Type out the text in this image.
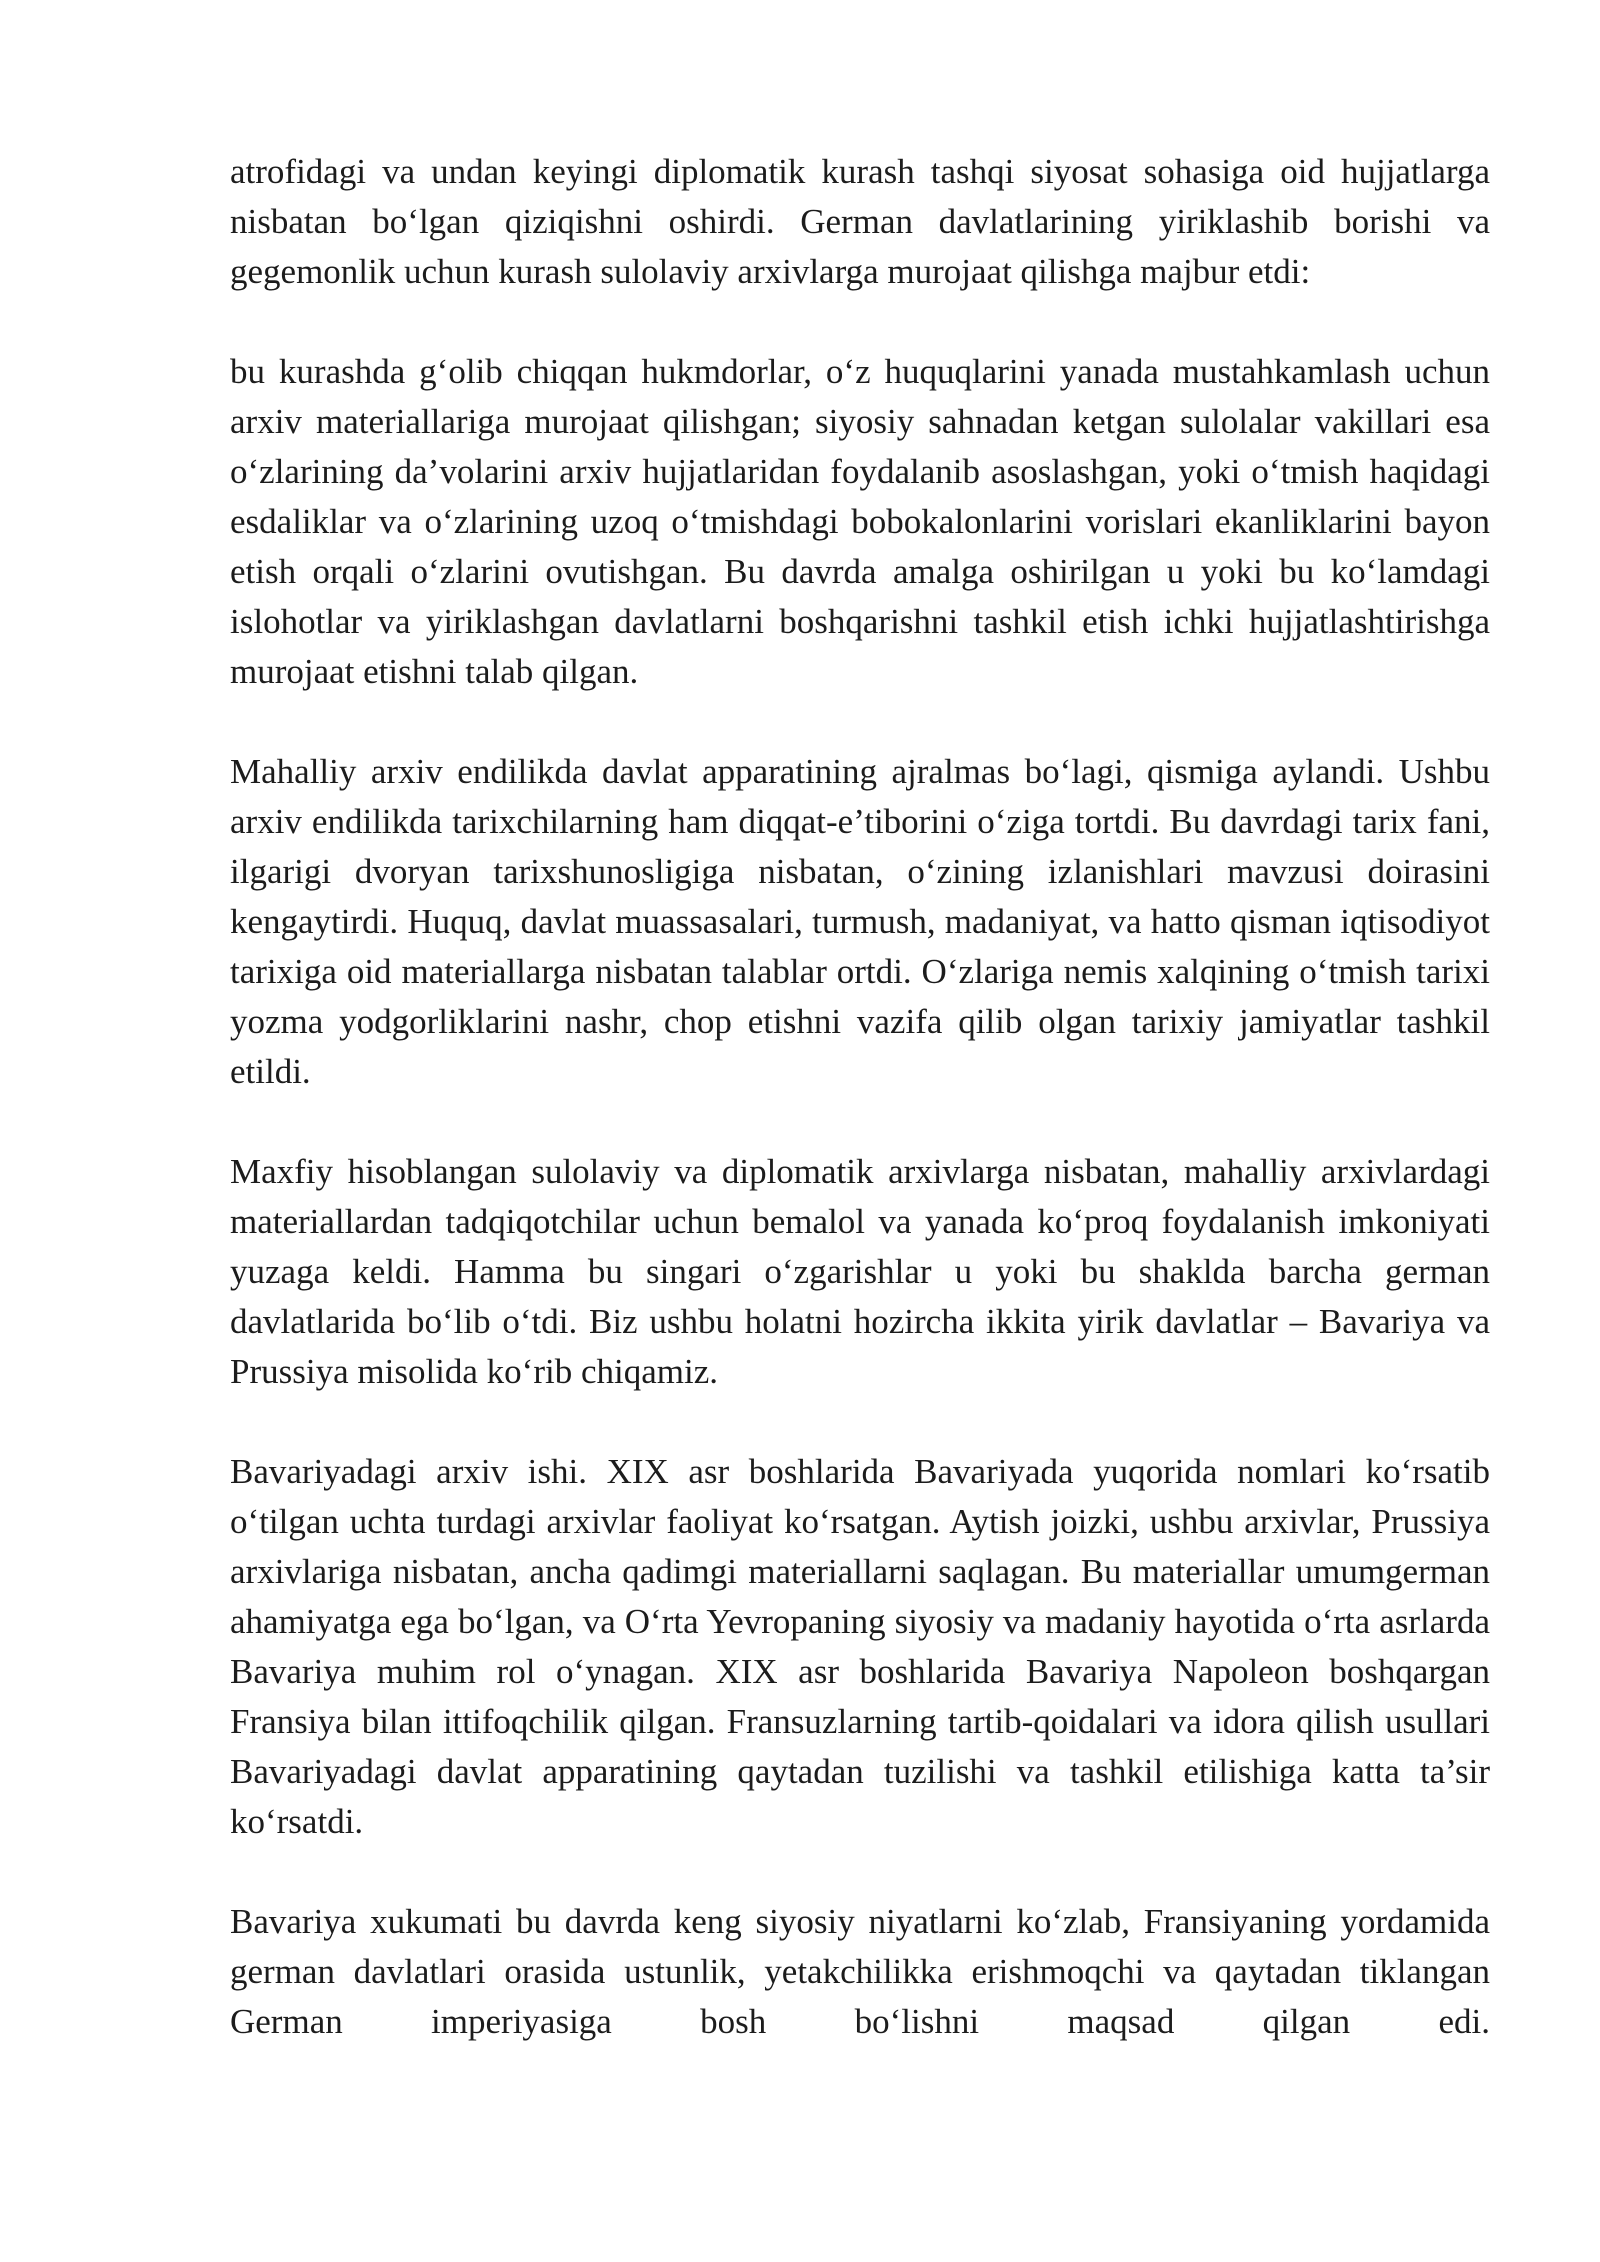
atrofidagi va undan keyingi diplomatik kurash tashqi siyosat sohasiga oid hujjatlarga nisbatan boʻlgan qiziqishni oshirdi. German davlatlarining yiriklashib borishi va gegemonlik uchun kurash sulolaviy arxivlarga murojaat qilishga majbur etdi:

bu kurashda gʻolib chiqqan hukmdorlar, oʻz huquqlarini yanada mustahkamlash uchun arxiv materiallariga murojaat qilishgan; siyosiy sahnadan ketgan sulolalar vakillari esa oʻzlarining da’volarini arxiv hujjatlaridan foydalanib asoslashgan, yoki oʻtmish haqidagi esdaliklar va oʻzlarining uzoq oʻtmishdagi bobokalonlarini vorislari ekanliklarini bayon etish orqali oʻzlarini ovutishgan. Bu davrda amalga oshirilgan u yoki bu koʻlamdagi islohotlar va yiriklashgan davlatlarni boshqarishni tashkil etish ichki hujjatlashtirishga murojaat etishni talab qilgan.

Mahalliy arxiv endilikda davlat apparatining ajralmas boʻlagi, qismiga aylandi. Ushbu arxiv endilikda tarixchilarning ham diqqat-e’tiborini oʻziga tortdi. Bu davrdagi tarix fani, ilgarigi dvoryan tarixshunosligiga nisbatan, oʻzining izlanishlari mavzusi doirasini kengaytirdi. Huquq, davlat muassasalari, turmush, madaniyat, va hatto qisman iqtisodiyot tarixiga oid materiallarga nisbatan talablar ortdi. Oʻzlariga nemis xalqining oʻtmish tarixi yozma yodgorliklarini nashr, chop etishni vazifa qilib olgan tarixiy jamiyatlar tashkil etildi.

Maxfiy hisoblangan sulolaviy va diplomatik arxivlarga nisbatan, mahalliy arxivlardagi materiallardan tadqiqotchilar uchun bemalol va yanada koʻproq foydalanish imkoniyati yuzaga keldi. Hamma bu singari oʻzgarishlar u yoki bu shaklda barcha german davlatlarida boʻlib oʻtdi. Biz ushbu holatni hozircha ikkita yirik davlatlar – Bavariya va Prussiya misolida koʻrib chiqamiz.

Bavariyadagi arxiv ishi. XIX asr boshlarida Bavariyada yuqorida nomlari koʻrsatib oʻtilgan uchta turdagi arxivlar faoliyat koʻrsatgan. Aytish joizki, ushbu arxivlar, Prussiya arxivlariga nisbatan, ancha qadimgi materiallarni saqlagan. Bu materiallar umumgerman ahamiyatga ega boʻlgan, va Oʻrta Yevropaning siyosiy va madaniy hayotida oʻrta asrlarda Bavariya muhim rol oʻynagan. XIX asr boshlarida Bavariya Napoleon boshqargan Fransiya bilan ittifoqchilik qilgan. Fransuzlarning tartib-qoidalari va idora qilish usullari Bavariyadagi davlat apparatining qaytadan tuzilishi va tashkil etilishiga katta ta’sir koʻrsatdi.

Bavariya xukumati bu davrda keng siyosiy niyatlarni koʻzlab, Fransiyaning yordamida german davlatlari orasida ustunlik, yetakchilikka erishmoqchi va qaytadan tiklangan German imperiyasiga bosh boʻlishni maqsad qilgan edi.
